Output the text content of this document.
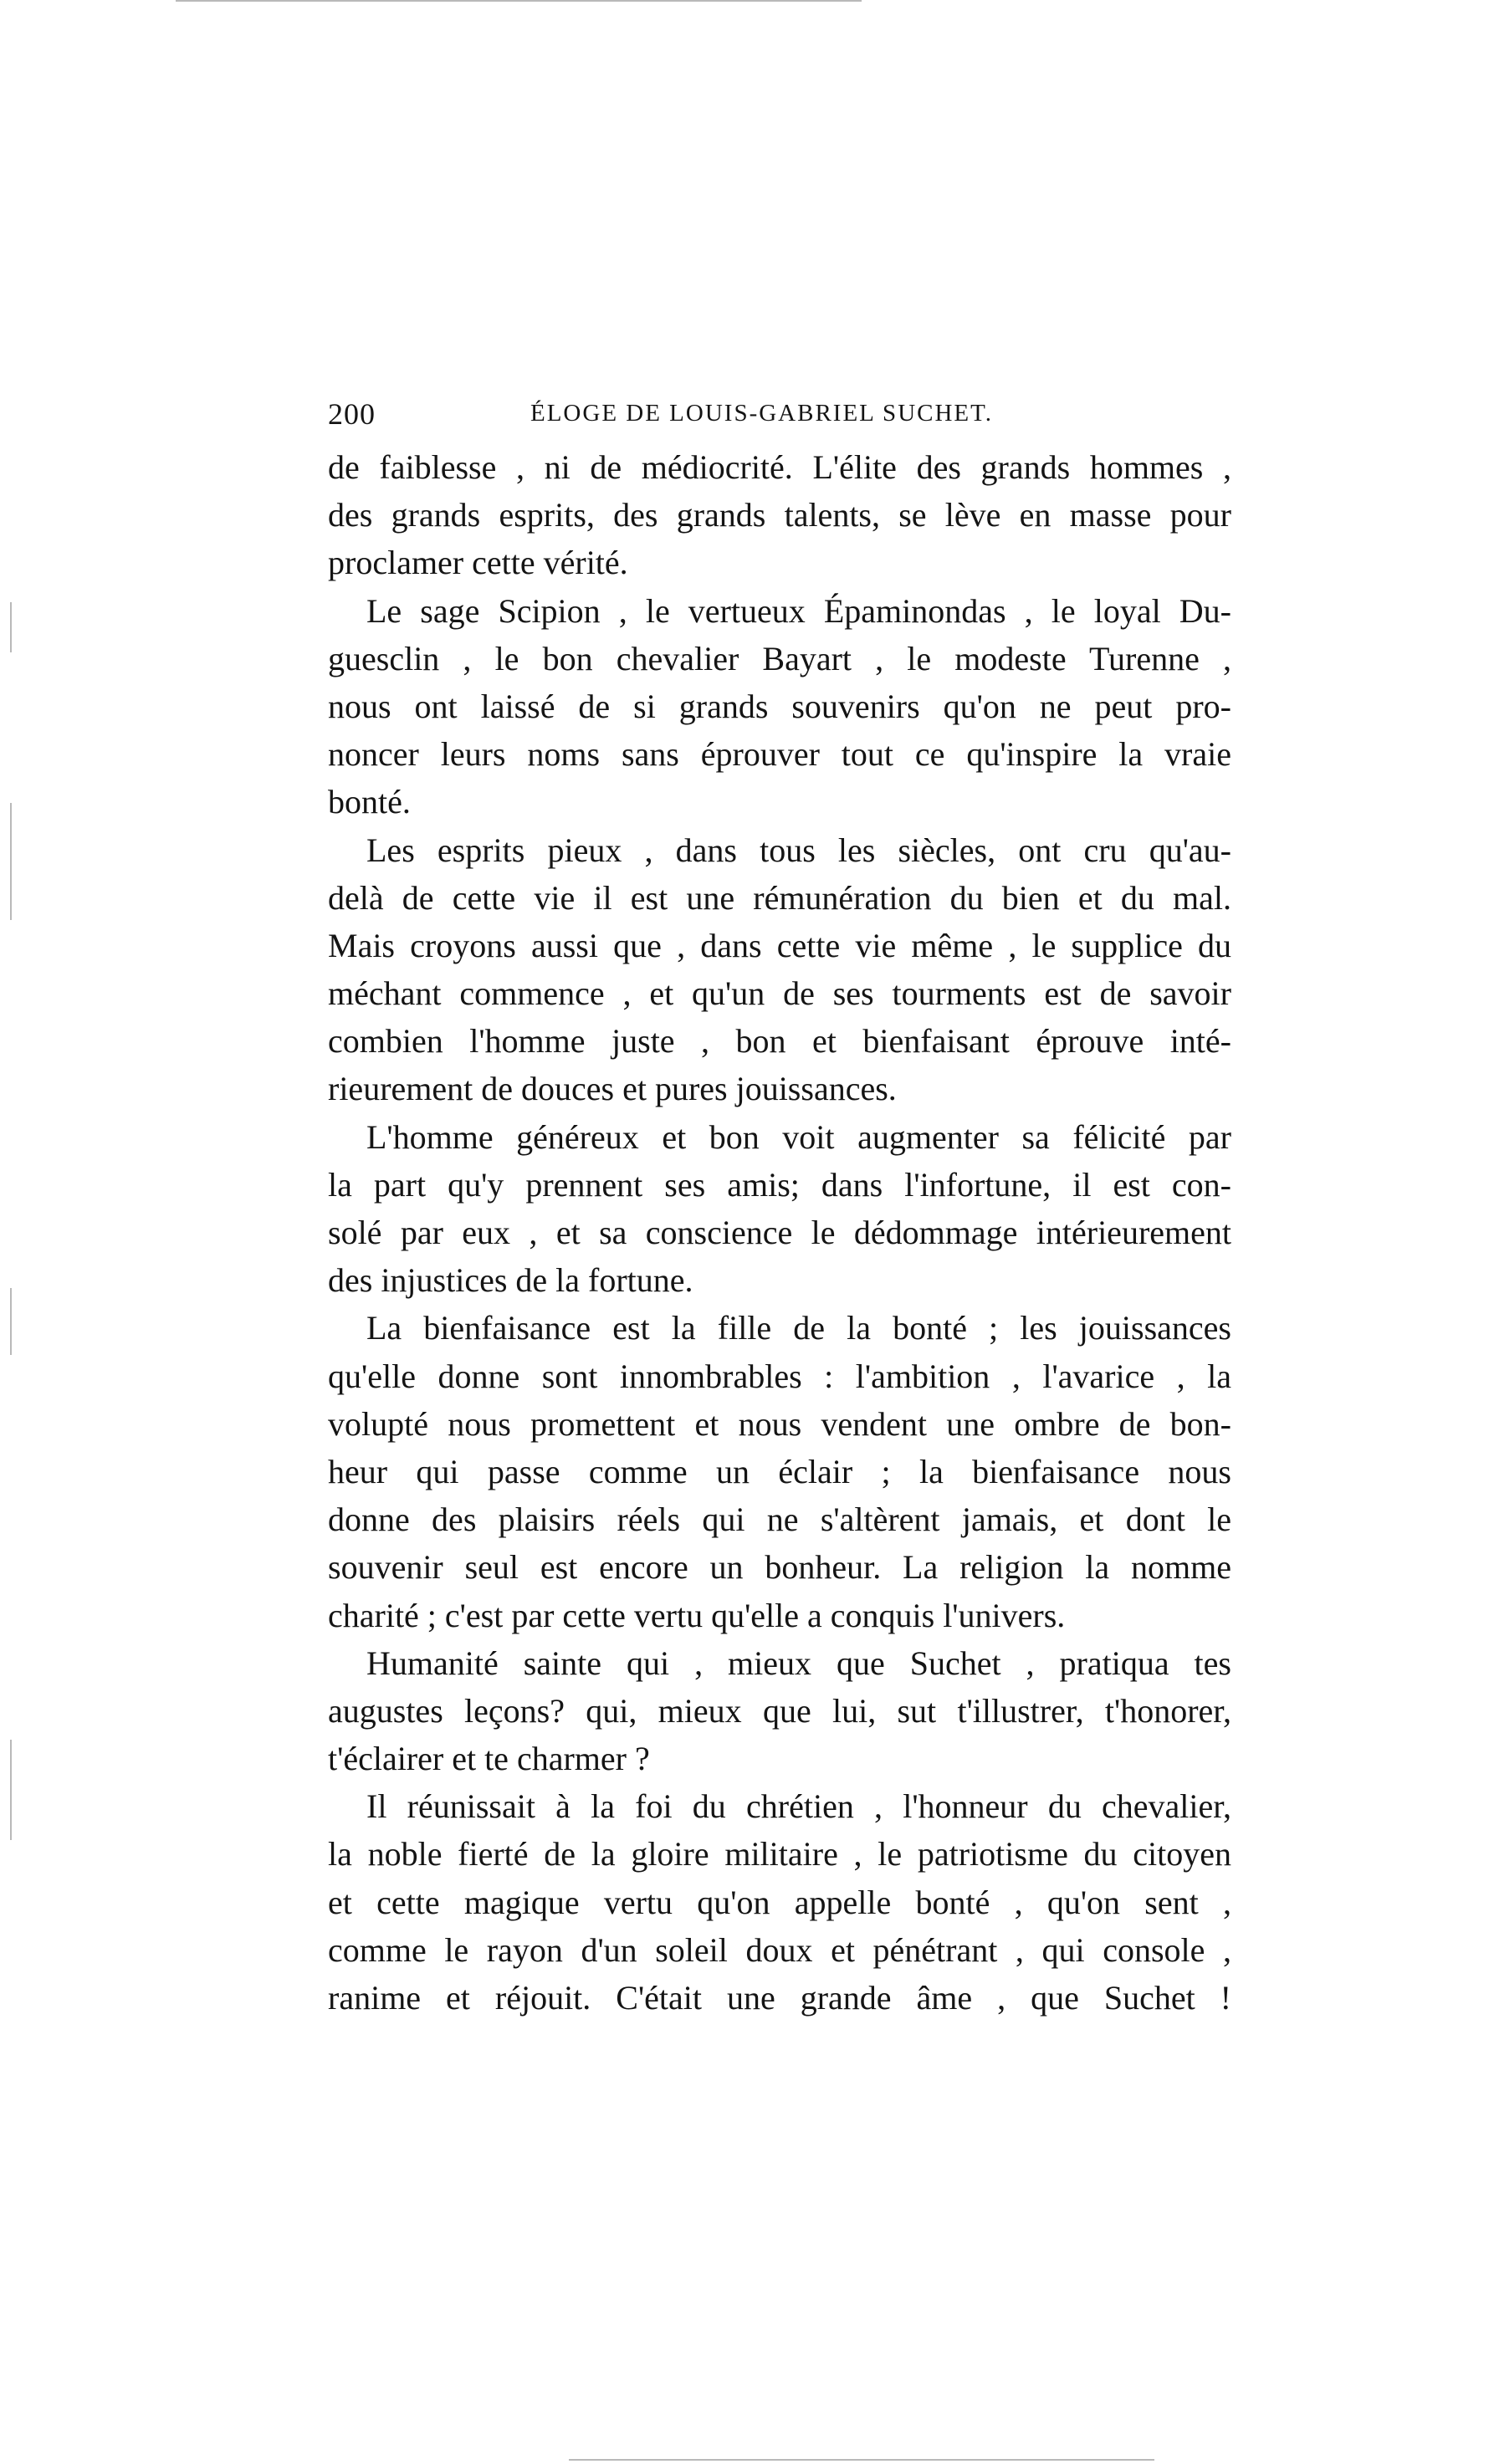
200	ÉLOGE DE LOUIS-GABRIEL SUCHET.
de faiblesse , ni de médiocrité. L'élite des grands hommes ,
des grands esprits, des grands talents, se lève en masse pour
proclamer cette vérité.
Le sage Scipion , le vertueux Épaminondas , le loyal Du-
guesclin , le bon chevalier Bayart , le modeste Turenne ,
nous ont laissé de si grands souvenirs qu'on ne peut pro-
noncer leurs noms sans éprouver tout ce qu'inspire la vraie
bonté.
Les esprits pieux , dans tous les siècles, ont cru qu'au-
delà de cette vie il est une rémunération du bien et du mal.
Mais croyons aussi que , dans cette vie même , le supplice du
méchant commence , et qu'un de ses tourments est de savoir
combien l'homme juste , bon et bienfaisant éprouve inté-
rieurement de douces et pures jouissances.
L'homme généreux et bon voit augmenter sa félicité par
la part qu'y prennent ses amis; dans l'infortune, il est con-
solé par eux , et sa conscience le dédommage intérieurement
des injustices de la fortune.
La bienfaisance est la fille de la bonté ; les jouissances
qu'elle donne sont innombrables : l'ambition , l'avarice , la
volupté nous promettent et nous vendent une ombre de bon-
heur qui passe comme un éclair ; la bienfaisance nous
donne des plaisirs réels qui ne s'altèrent jamais, et dont le
souvenir seul est encore un bonheur. La religion la nomme
charité ; c'est par cette vertu qu'elle a conquis l'univers.
Humanité sainte qui , mieux que Suchet , pratiqua tes
augustes leçons? qui, mieux que lui, sut t'illustrer, t'honorer,
t'éclairer et te charmer ?
Il réunissait à la foi du chrétien , l'honneur du chevalier,
la noble fierté de la gloire militaire , le patriotisme du citoyen
et cette magique vertu qu'on appelle bonté , qu'on sent ,
comme le rayon d'un soleil doux et pénétrant , qui console ,
ranime et réjouit. C'était une grande âme , que Suchet !
